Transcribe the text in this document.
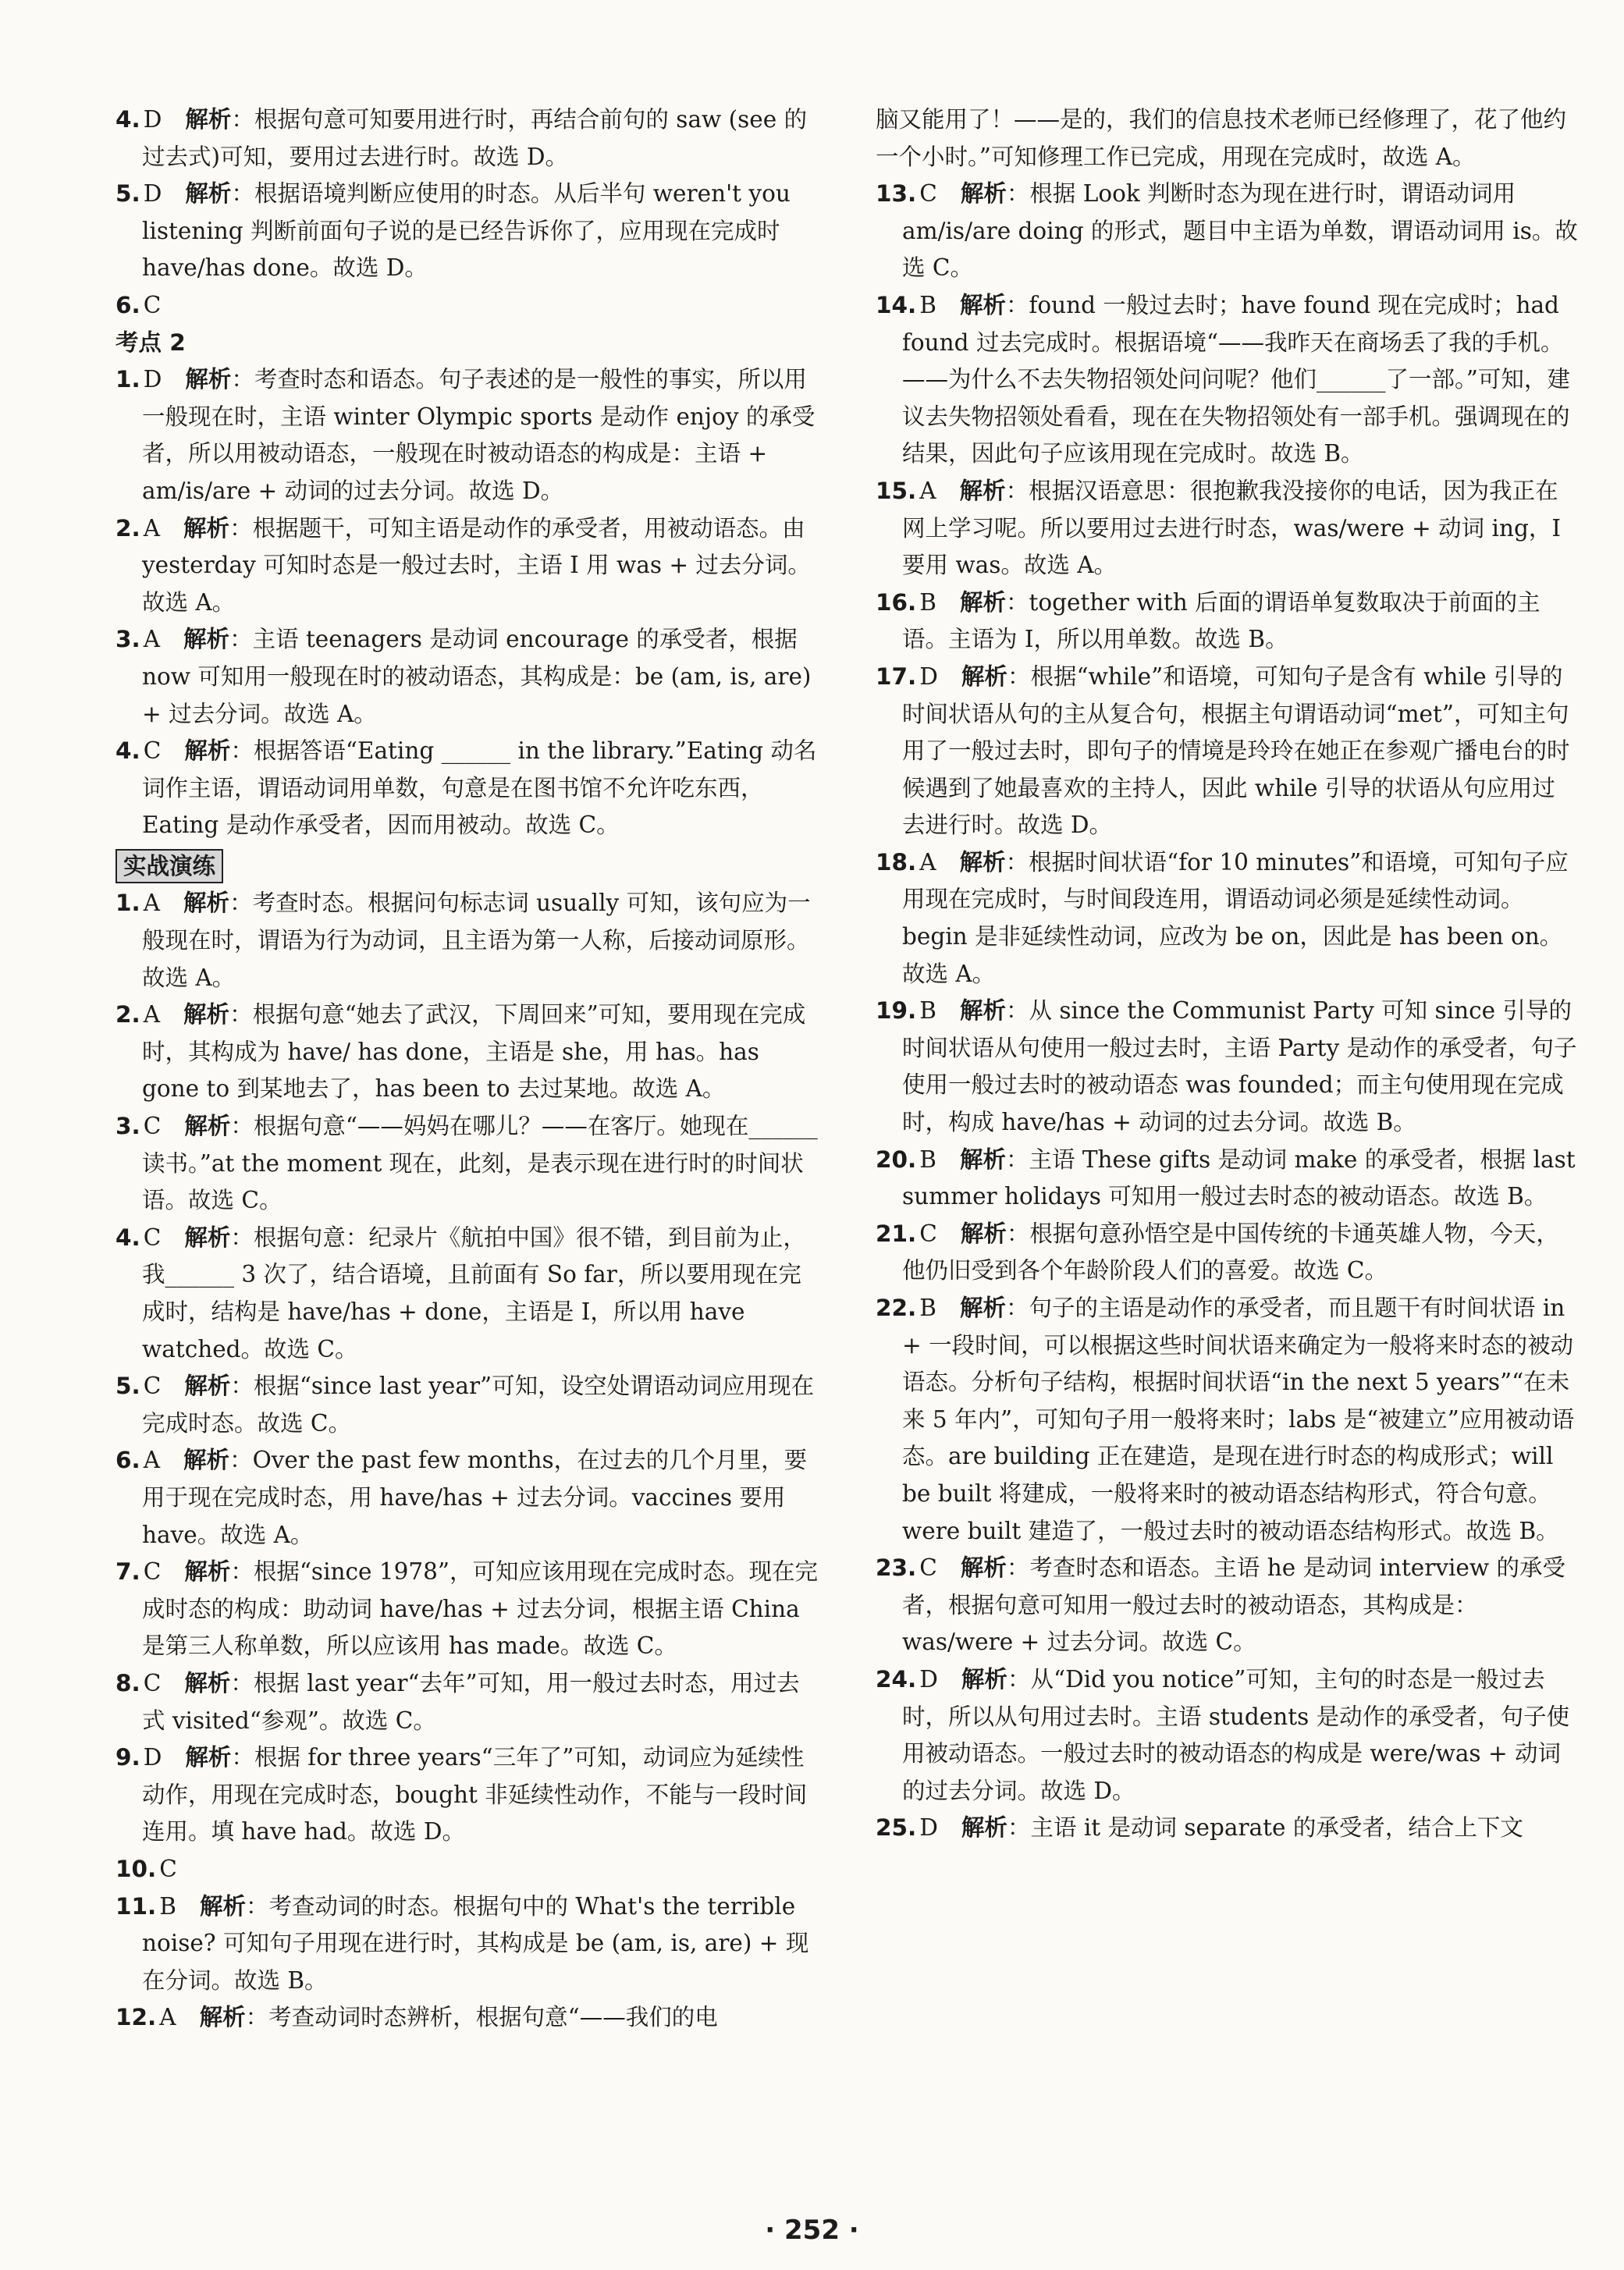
4. D 解析：根据句意可知要用进行时，再结合前句的 saw (see 的过去式)可知，要用过去进行时。故选 D。

5. D 解析：根据语境判断应使用的时态。从后半句 weren't you listening 判断前面句子说的是已经告诉你了，应用现在完成时 have/has done。故选 D。

6. C

考点 2

1. D 解析：考查时态和语态。句子表述的是一般性的事实，所以用一般现在时，主语 winter Olympic sports 是动作 enjoy 的承受者，所以用被动语态，一般现在时被动语态的构成是：主语 + am/is/are + 动词的过去分词。故选 D。

2. A 解析：根据题干，可知主语是动作的承受者，用被动语态。由 yesterday 可知时态是一般过去时，主语 I 用 was + 过去分词。故选 A。

3. A 解析：主语 teenagers 是动词 encourage 的承受者，根据 now 可知用一般现在时的被动语态，其构成是：be (am, is, are) + 过去分词。故选 A。

4. C 解析：根据答语“Eating ______ in the library.”Eating 动名词作主语，谓语动词用单数，句意是在图书馆不允许吃东西，Eating 是动作承受者，因而用被动。故选 C。

实战演练

1. A 解析：考查时态。根据问句标志词 usually 可知，该句应为一般现在时，谓语为行为动词，且主语为第一人称，后接动词原形。故选 A。

2. A 解析：根据句意“她去了武汉，下周回来”可知，要用现在完成时，其构成为 have/ has done，主语是 she，用 has。has gone to 到某地去了，has been to 去过某地。故选 A。

3. C 解析：根据句意“——妈妈在哪儿？——在客厅。她现在______读书。”at the moment 现在，此刻，是表示现在进行时的时间状语。故选 C。

4. C 解析：根据句意：纪录片《航拍中国》很不错，到目前为止，我______ 3 次了，结合语境，且前面有 So far，所以要用现在完成时，结构是 have/has + done，主语是 I，所以用 have watched。故选 C。

5. C 解析：根据“since last year”可知，设空处谓语动词应用现在完成时态。故选 C。

6. A 解析：Over the past few months，在过去的几个月里，要用于现在完成时态，用 have/has + 过去分词。vaccines 要用 have。故选 A。

7. C 解析：根据“since 1978”，可知应该用现在完成时态。现在完成时态的构成：助动词 have/has + 过去分词，根据主语 China 是第三人称单数，所以应该用 has made。故选 C。

8. C 解析：根据 last year“去年”可知，用一般过去时态，用过去式 visited“参观”。故选 C。

9. D 解析：根据 for three years“三年了”可知，动词应为延续性动作，用现在完成时态，bought 非延续性动作，不能与一段时间连用。填 have had。故选 D。

10. C

11. B 解析：考查动词的时态。根据句中的 What's the terrible noise? 可知句子用现在进行时，其构成是 be (am, is, are) + 现在分词。故选 B。

12. A 解析：考查动词时态辨析，根据句意“——我们的电

脑又能用了！——是的，我们的信息技术老师已经修理了，花了他约一个小时。”可知修理工作已完成，用现在完成时，故选 A。

13. C 解析：根据 Look 判断时态为现在进行时，谓语动词用 am/is/are doing 的形式，题目中主语为单数，谓语动词用 is。故选 C。

14. B 解析：found 一般过去时；have found 现在完成时；had found 过去完成时。根据语境“——我昨天在商场丢了我的手机。——为什么不去失物招领处问问呢？他们______了一部。”可知，建议去失物招领处看看，现在在失物招领处有一部手机。强调现在的结果，因此句子应该用现在完成时。故选 B。

15. A 解析：根据汉语意思：很抱歉我没接你的电话，因为我正在网上学习呢。所以要用过去进行时态，was/were + 动词 ing，I 要用 was。故选 A。

16. B 解析：together with 后面的谓语单复数取决于前面的主语。主语为 I，所以用单数。故选 B。

17. D 解析：根据“while”和语境，可知句子是含有 while 引导的时间状语从句的主从复合句，根据主句谓语动词“met”，可知主句用了一般过去时，即句子的情境是玲玲在她正在参观广播电台的时候遇到了她最喜欢的主持人，因此 while 引导的状语从句应用过去进行时。故选 D。

18. A 解析：根据时间状语“for 10 minutes”和语境，可知句子应用现在完成时，与时间段连用，谓语动词必须是延续性动词。begin 是非延续性动词，应改为 be on，因此是 has been on。故选 A。

19. B 解析：从 since the Communist Party 可知 since 引导的时间状语从句使用一般过去时，主语 Party 是动作的承受者，句子使用一般过去时的被动语态 was founded；而主句使用现在完成时，构成 have/has + 动词的过去分词。故选 B。

20. B 解析：主语 These gifts 是动词 make 的承受者，根据 last summer holidays 可知用一般过去时态的被动语态。故选 B。

21. C 解析：根据句意孙悟空是中国传统的卡通英雄人物，今天，他仍旧受到各个年龄阶段人们的喜爱。故选 C。

22. B 解析：句子的主语是动作的承受者，而且题干有时间状语 in + 一段时间，可以根据这些时间状语来确定为一般将来时态的被动语态。分析句子结构，根据时间状语“in the next 5 years”“在未来 5 年内”，可知句子用一般将来时；labs 是“被建立”应用被动语态。are building 正在建造，是现在进行时态的构成形式；will be built 将建成，一般将来时的被动语态结构形式，符合句意。were built 建造了，一般过去时的被动语态结构形式。故选 B。

23. C 解析：考查时态和语态。主语 he 是动词 interview 的承受者，根据句意可知用一般过去时的被动语态，其构成是：was/were + 过去分词。故选 C。

24. D 解析：从“Did you notice”可知，主句的时态是一般过去时，所以从句用过去时。主语 students 是动作的承受者，句子使用被动语态。一般过去时的被动语态的构成是 were/was + 动词的过去分词。故选 D。

25. D 解析：主语 it 是动词 separate 的承受者，结合上下文

· 252 ·
